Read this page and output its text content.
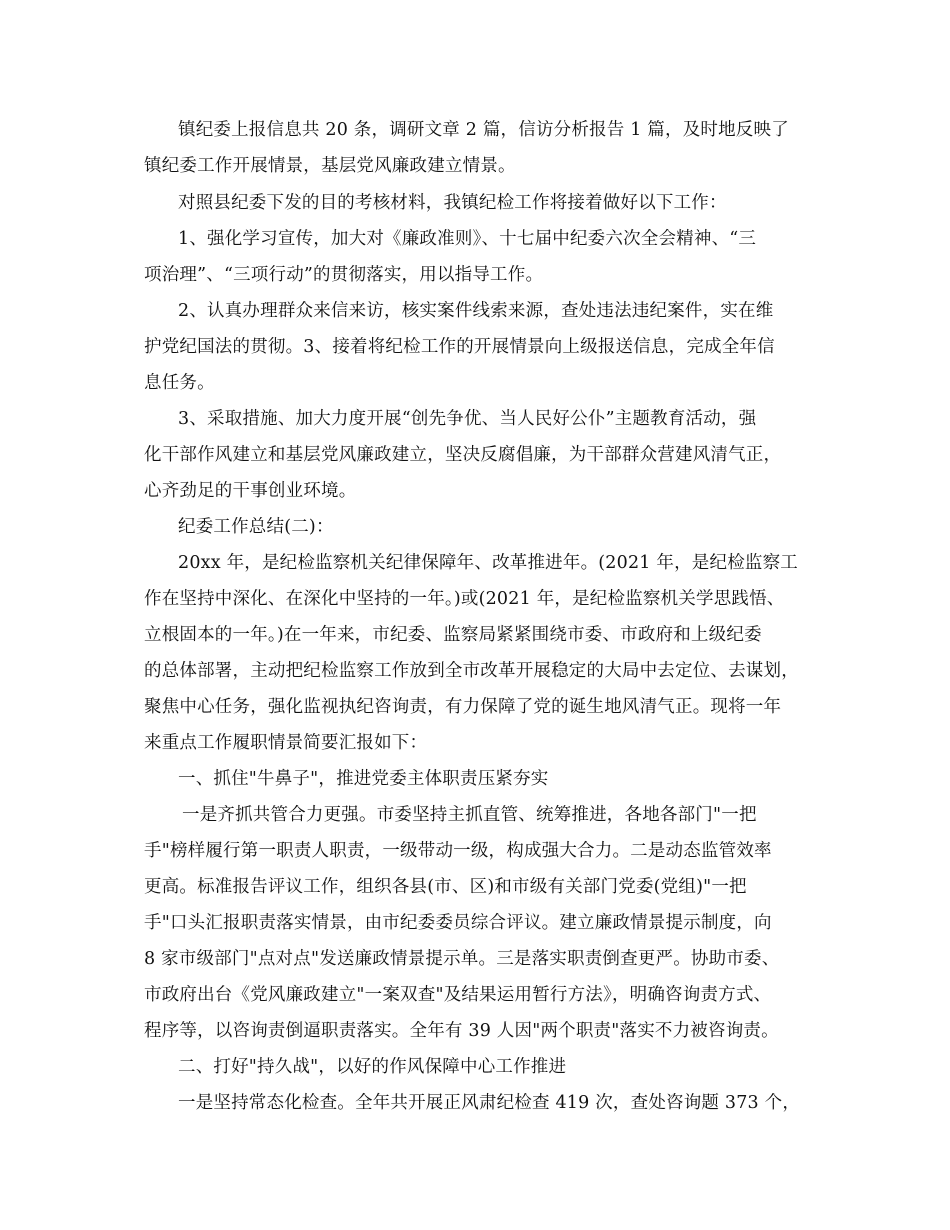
镇纪委上报信息共 20 条，调研文章 2 篇，信访分析报告 1 篇，及时地反映了
镇纪委工作开展情景，基层党风廉政建立情景。
对照县纪委下发的目的考核材料，我镇纪检工作将接着做好以下工作：
1、强化学习宣传，加大对《廉政准则》、十七届中纪委六次全会精神、“三
项治理”、“三项行动”的贯彻落实，用以指导工作。
2、认真办理群众来信来访，核实案件线索来源，查处违法违纪案件，实在维
护党纪国法的贯彻。3、接着将纪检工作的开展情景向上级报送信息，完成全年信
息任务。
3、采取措施、加大力度开展“创先争优、当人民好公仆”主题教育活动，强
化干部作风建立和基层党风廉政建立，坚决反腐倡廉，为干部群众营建风清气正，
心齐劲足的干事创业环境。
纪委工作总结(二)：
20xx 年，是纪检监察机关纪律保障年、改革推进年。(2021 年，是纪检监察工
作在坚持中深化、在深化中坚持的一年。)或(2021 年，是纪检监察机关学思践悟、
立根固本的一年。)在一年来，市纪委、监察局紧紧围绕市委、市政府和上级纪委
的总体部署，主动把纪检监察工作放到全市改革开展稳定的大局中去定位、去谋划，
聚焦中心任务，强化监视执纪咨询责，有力保障了党的诞生地风清气正。现将一年
来重点工作履职情景简要汇报如下：
一、抓住"牛鼻子"，推进党委主体职责压紧夯实
一是齐抓共管合力更强。市委坚持主抓直管、统筹推进，各地各部门"一把
手"榜样履行第一职责人职责，一级带动一级，构成强大合力。二是动态监管效率
更高。标准报告评议工作，组织各县(市、区)和市级有关部门党委(党组)"一把
手"口头汇报职责落实情景，由市纪委委员综合评议。建立廉政情景提示制度，向
8 家市级部门"点对点"发送廉政情景提示单。三是落实职责倒查更严。协助市委、
市政府出台《党风廉政建立"一案双查"及结果运用暂行方法》，明确咨询责方式、
程序等，以咨询责倒逼职责落实。全年有 39 人因"两个职责"落实不力被咨询责。
二、打好"持久战"，以好的作风保障中心工作推进
一是坚持常态化检查。全年共开展正风肃纪检查 419 次，查处咨询题 373 个，
